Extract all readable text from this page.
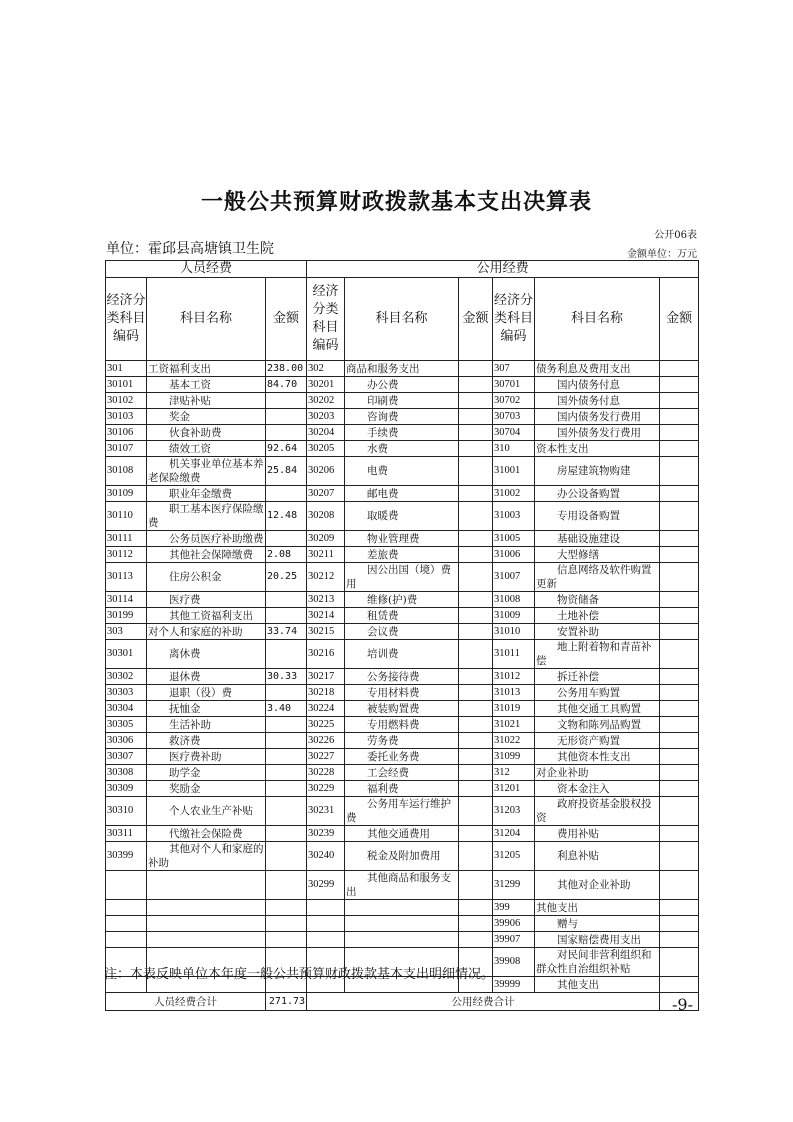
一般公共预算财政拨款基本支出决算表
公开06表
单位：霍邱县高塘镇卫生院	金额单位：万元
人员经费			公用经费					
经济分类科目编码	科目名称	金额	经济分类科目编码	科目名称	金额	经济分类科目编码	科目名称	金额
301	工资福利支出	238.00	302	商品和服务支出		307	债务利息及费用支出	
30101	基本工资	84.70	30201	办公费		30701	国内债务付息	
30102	津贴补贴		30202	印刷费		30702	国外债务付息	
30103	奖金		30203	咨询费		30703	国内债务发行费用	
30106	伙食补助费		30204	手续费		30704	国外债务发行费用	
30107	绩效工资	92.64	30205	水费		310	资本性支出	
30108	机关事业单位基本养老保险缴费	25.84	30206	电费		31001	房屋建筑物购建	
30109	职业年金缴费		30207	邮电费		31002	办公设备购置	
30110	职工基本医疗保险缴费	12.48	30208	取暖费		31003	专用设备购置	
30111	公务员医疗补助缴费		30209	物业管理费		31005	基础设施建设	
30112	其他社会保障缴费	2.08	30211	差旅费		31006	大型修缮	
30113	住房公积金	20.25	30212	因公出国（境）费用		31007	信息网络及软件购置更新	
30114	医疗费		30213	维修(护)费		31008	物资储备	
30199	其他工资福利支出		30214	租赁费		31009	土地补偿	
303	对个人和家庭的补助	33.74	30215	会议费		31010	安置补助	
30301	离休费		30216	培训费		31011	地上附着物和青苗补偿	
30302	退休费	30.33	30217	公务接待费		31012	拆迁补偿	
30303	退职（役）费		30218	专用材料费		31013	公务用车购置	
30304	抚恤金	3.40	30224	被装购置费		31019	其他交通工具购置	
30305	生活补助		30225	专用燃料费		31021	文物和陈列品购置	
30306	救济费		30226	劳务费		31022	无形资产购置	
30307	医疗费补助		30227	委托业务费		31099	其他资本性支出	
30308	助学金		30228	工会经费		312	对企业补助	
30309	奖励金		30229	福利费		31201	资本金注入	
30310	个人农业生产补贴		30231	公务用车运行维护费		31203	政府投资基金股权投资	
30311	代缴社会保险费		30239	其他交通费用		31204	费用补贴	
30399	其他对个人和家庭的补助		30240	税金及附加费用		31205	利息补贴	
			30299	其他商品和服务支出		31299	其他对企业补助	
						399	其他支出	
						39906	赠与	
						39907	国家赔偿费用支出	
						39908	对民间非营利组织和群众性自治组织补贴	
						39999	其他支出	
人员经费合计		271.73	公用经费合计					
注：本表反映单位本年度一般公共预算财政拨款基本支出明细情况。
-9-
